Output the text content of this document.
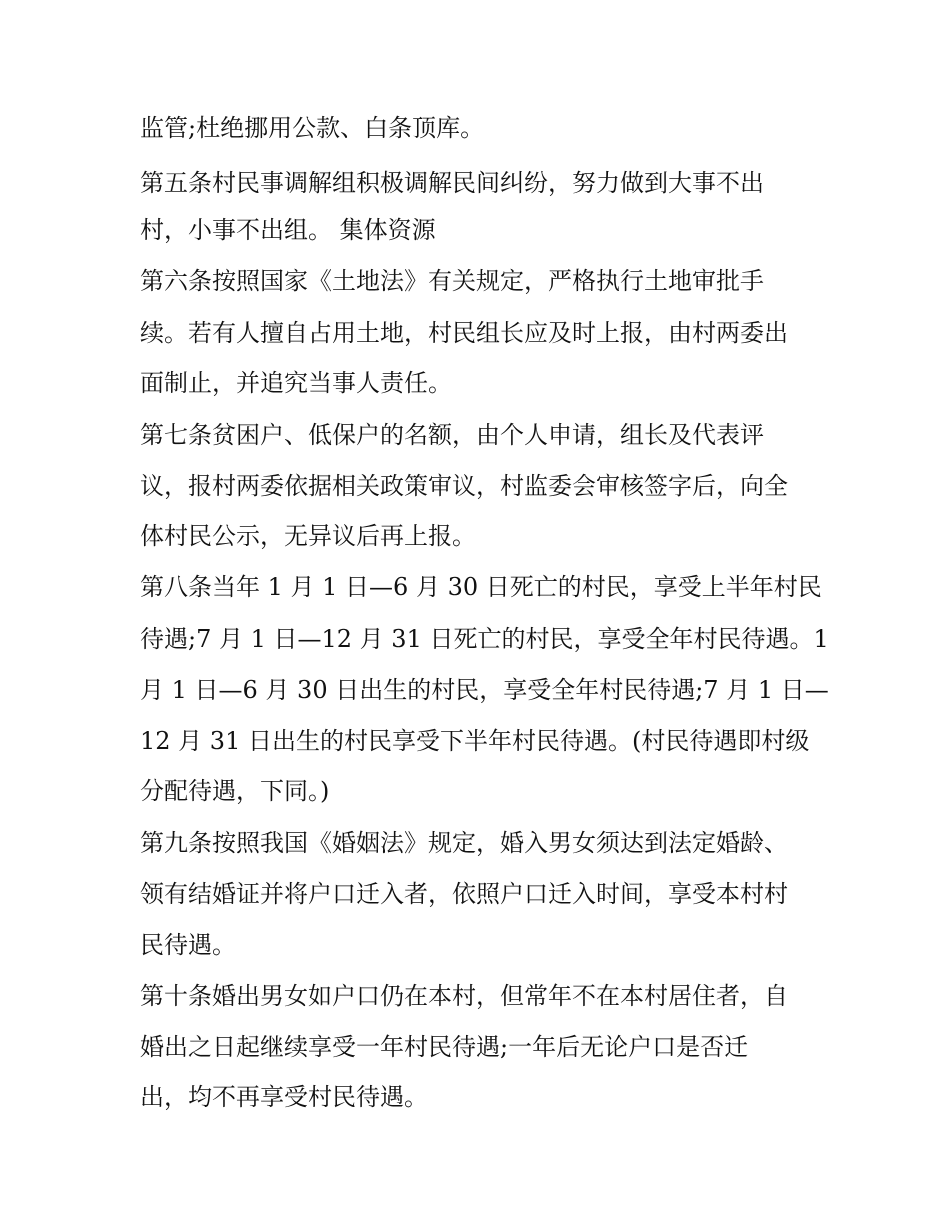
监管;杜绝挪用公款、白条顶库。
第五条村民事调解组积极调解民间纠纷，努力做到大事不出
村，小事不出组。 集体资源
第六条按照国家《土地法》有关规定，严格执行土地审批手
续。若有人擅自占用土地，村民组长应及时上报，由村两委出
面制止，并追究当事人责任。
第七条贫困户、低保户的名额，由个人申请，组长及代表评
议，报村两委依据相关政策审议，村监委会审核签字后，向全
体村民公示，无异议后再上报。
第八条当年 1 月 1 日—6 月 30 日死亡的村民，享受上半年村民
待遇;7 月 1 日—12 月 31 日死亡的村民，享受全年村民待遇。1
月 1 日—6 月 30 日出生的村民，享受全年村民待遇;7 月 1 日—
12 月 31 日出生的村民享受下半年村民待遇。(村民待遇即村级
分配待遇，下同。)
第九条按照我国《婚姻法》规定，婚入男女须达到法定婚龄、
领有结婚证并将户口迁入者，依照户口迁入时间，享受本村村
民待遇。
第十条婚出男女如户口仍在本村，但常年不在本村居住者，自
婚出之日起继续享受一年村民待遇;一年后无论户口是否迁
出，均不再享受村民待遇。
